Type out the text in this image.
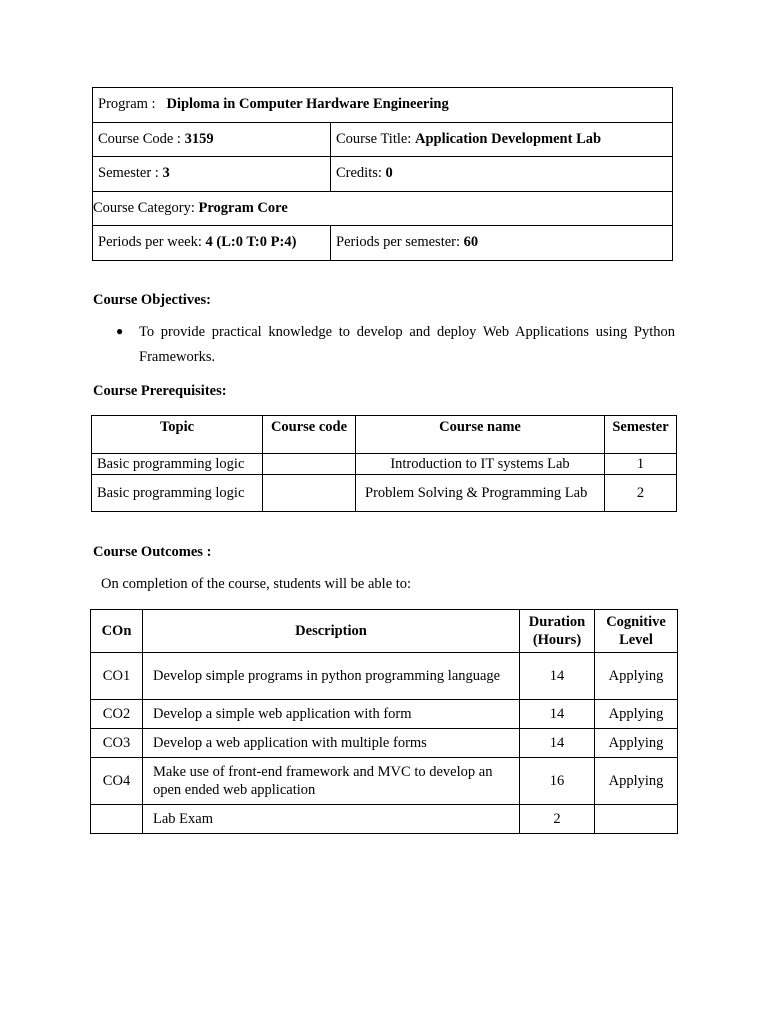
Program : Diploma in Computer Hardware Engineering	
Course Code : 3159	Course Title: Application Development Lab
Semester : 3	Credits: 0
Course Category: Program Core	
Periods per week: 4 (L:0 T:0 P:4)	Periods per semester: 60

Course Objectives:

● To provide practical knowledge to develop and deploy Web Applications using Python Frameworks.

Course Prerequisites:

Topic	Course code	Course name	Semester
Basic programming logic		Introduction to IT systems Lab	1
Basic programming logic		Problem Solving & Programming Lab	2

Course Outcomes :

On completion of the course, students will be able to:
COn	Description	Duration (Hours)	Cognitive Level
CO1	Develop simple programs in python programming language	14	Applying
CO2	Develop a simple web application with form	14	Applying
CO3	Develop a web application with multiple forms	14	Applying
CO4	Make use of front-end framework and MVC to develop an open ended web application	16	Applying
	Lab Exam	2	
